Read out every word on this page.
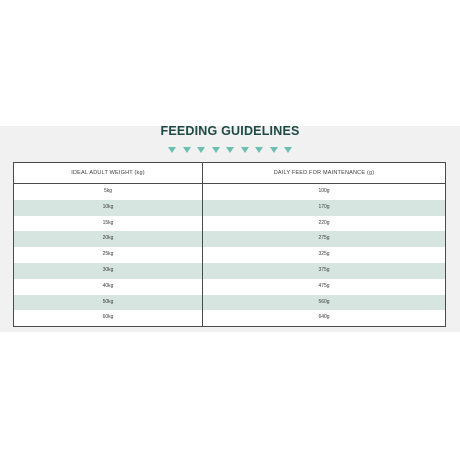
FEEDING GUIDELINES
IDEAL ADULT WEIGHT (kg)	DAILY FEED FOR MAINTENANCE (g)
5kg	100g
10kg	170g
15kg	220g
20kg	275g
25kg	325g
30kg	375g
40kg	475g
50kg	560g
60kg	640g
